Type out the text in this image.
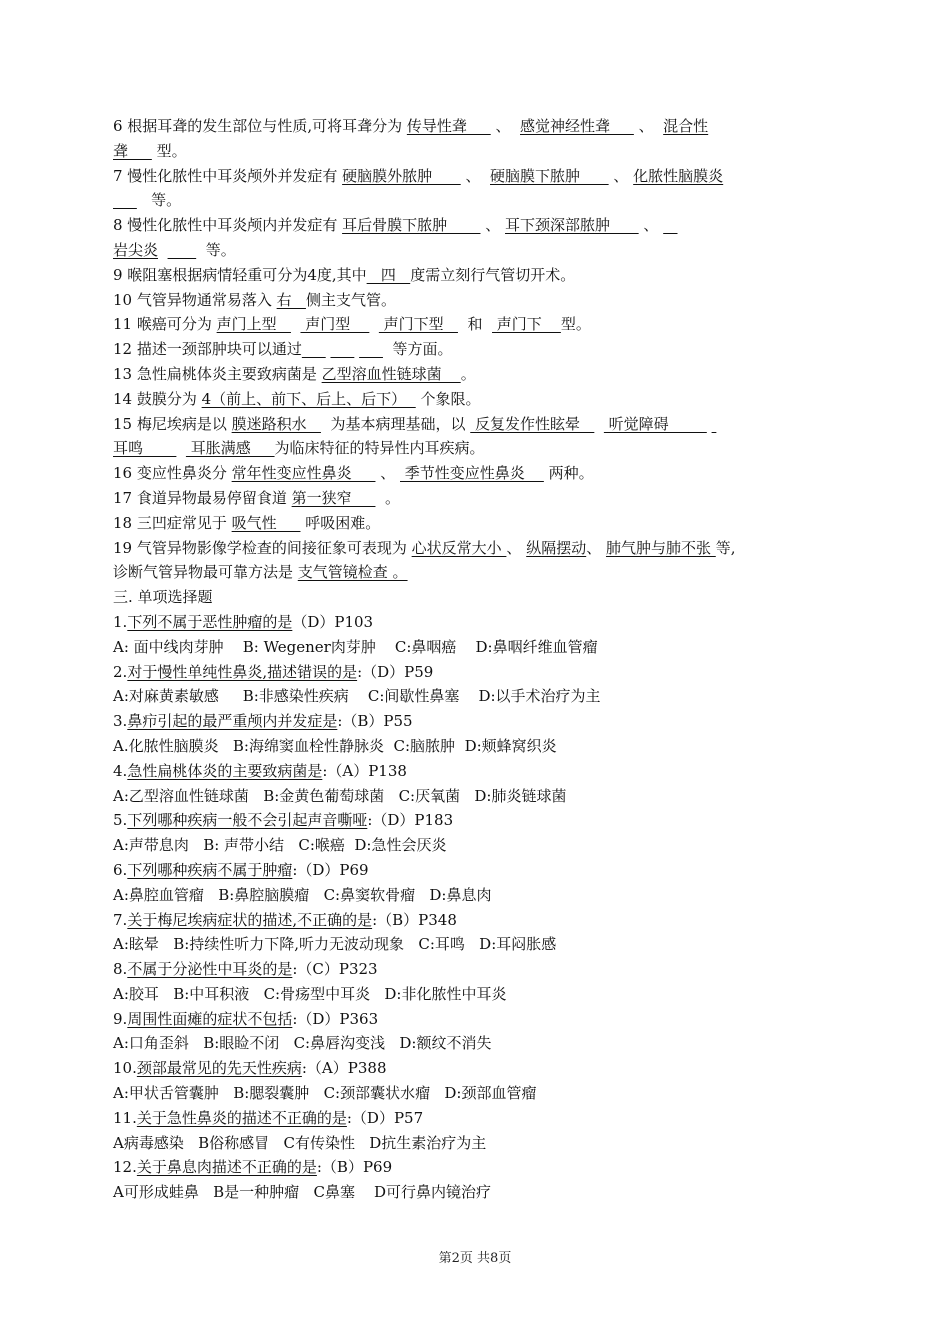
6 根据耳聋的发生部位与性质,可将耳聋分为 传导性聋      、  感觉神经性聋      、  混合性
聋      型。
7 慢性化脓性中耳炎颅外并发症有 硬脑膜外脓肿       、  硬脑膜下脓肿       、 化脓性脑膜炎
等。
8 慢性化脓性中耳炎颅内并发症有 耳后骨膜下脓肿        、 耳下颈深部脓肿       、
岩尖炎	等。
9 喉阻塞根据病情轻重可分为4度,其中   四   度需立刻行气管切开术。
10 气管异物通常易落入 右   侧主支气管。
11 喉癌可分为 声门上型      声门型       声门下型     和   声门下    型。
12 描述一颈部肿块可以通过	等方面。
13 急性扁桃体炎主要致病菌是 乙型溶血性链球菌    。
14 鼓膜分为 4（前上、前下、后上、后下）   个象限。
15 梅尼埃病是以 膜迷路积水     为基本病理基础，以  反复发作性眩晕      听觉障碍
耳鸣          耳胀满感     为临床特征的特异性内耳疾病。
16 变应性鼻炎分 常年性变应性鼻炎      、  季节性变应性鼻炎     两种。
17 食道异物最易停留食道 第一狭窄       。
18 三凹症常见于 吸气性      呼吸困难。
19 气管异物影像学检查的间接征象可表现为 心状反常大小 、 纵隔摆动、 肺气肿与肺不张 等,
诊断气管异物最可靠方法是 支气管镜检查 。
三. 单项选择题
1.下列不属于恶性肿瘤的是（D）P103
A: 面中线肉芽肿    B: Wegener肉芽肿    C:鼻咽癌    D:鼻咽纤维血管瘤
2.对于慢性单纯性鼻炎,描述错误的是:（D）P59
A:对麻黄素敏感     B:非感染性疾病    C:间歇性鼻塞    D:以手术治疗为主
3.鼻疖引起的最严重颅内并发症是:（B）P55
A.化脓性脑膜炎   B:海绵窦血栓性静脉炎  C:脑脓肿  D:颊蜂窝织炎
4.急性扁桃体炎的主要致病菌是:（A）P138
A:乙型溶血性链球菌   B:金黄色葡萄球菌   C:厌氧菌   D:肺炎链球菌
5.下列哪种疾病一般不会引起声音嘶哑:（D）P183
A:声带息肉   B: 声带小结   C:喉癌  D:急性会厌炎
6.下列哪种疾病不属于肿瘤:（D）P69
A:鼻腔血管瘤   B:鼻腔脑膜瘤   C:鼻窦软骨瘤   D:鼻息肉
7.关于梅尼埃病症状的描述,不正确的是:（B）P348
A:眩晕   B:持续性听力下降,听力无波动现象   C:耳鸣   D:耳闷胀感
8.不属于分泌性中耳炎的是:（C）P323
A:胶耳   B:中耳积液   C:骨疡型中耳炎   D:非化脓性中耳炎
9.周围性面瘫的症状不包括:（D）P363
A:口角歪斜   B:眼睑不闭   C:鼻唇沟变浅   D:额纹不消失
10.颈部最常见的先天性疾病:（A）P388
A:甲状舌管囊肿   B:腮裂囊肿   C:颈部囊状水瘤   D:颈部血管瘤
11.关于急性鼻炎的描述不正确的是:（D）P57
A病毒感染   B俗称感冒   C有传染性   D抗生素治疗为主
12.关于鼻息肉描述不正确的是:（B）P69
A可形成蛙鼻   B是一种肿瘤   C鼻塞    D可行鼻内镜治疗
第2页 共8页
